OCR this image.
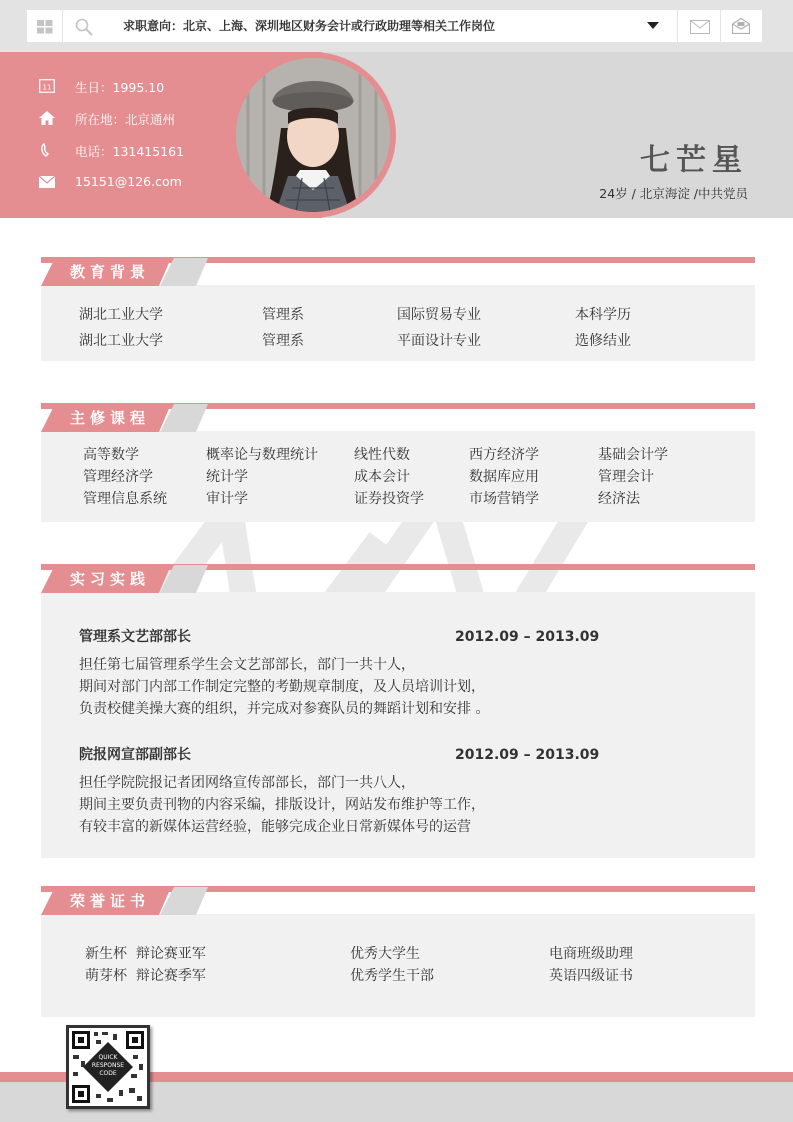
求职意向：北京、上海、深圳地区财务会计或行政助理等相关工作岗位
11 生日：1995.10
所在地：北京通州
电话：131415161
15151@126.com
七芒星
24岁 / 北京海淀 /中共党员
教育背景
湖北工业大学	管理系	国际贸易专业	本科学历
湖北工业大学	管理系	平面设计专业	选修结业
主修课程
高等数学	概率论与数理统计	线性代数	西方经济学	基础会计学
管理经济学	统计学	成本会计	数据库应用	管理会计
管理信息系统	审计学	证券投资学	市场营销学	经济法
实习实践
管理系文艺部部长	2012.09 – 2013.09
担任第七届管理系学生会文艺部部长，部门一共十人，
期间对部门内部工作制定完整的考勤规章制度，及人员培训计划，
负责校健美操大赛的组织，并完成对参赛队员的舞蹈计划和安排 。
院报网宣部副部长	2012.09 – 2013.09
担任学院院报记者团网络宣传部部长，部门一共八人，
期间主要负责刊物的内容采编，排版设计，网站发布维护等工作，
有较丰富的新媒体运营经验，能够完成企业日常新媒体号的运营
荣誉证书
新生杯  辩论赛亚军	优秀大学生	电商班级助理
萌芽杯  辩论赛季军	优秀学生干部	英语四级证书
QUICK
RESPONSE
CODE
